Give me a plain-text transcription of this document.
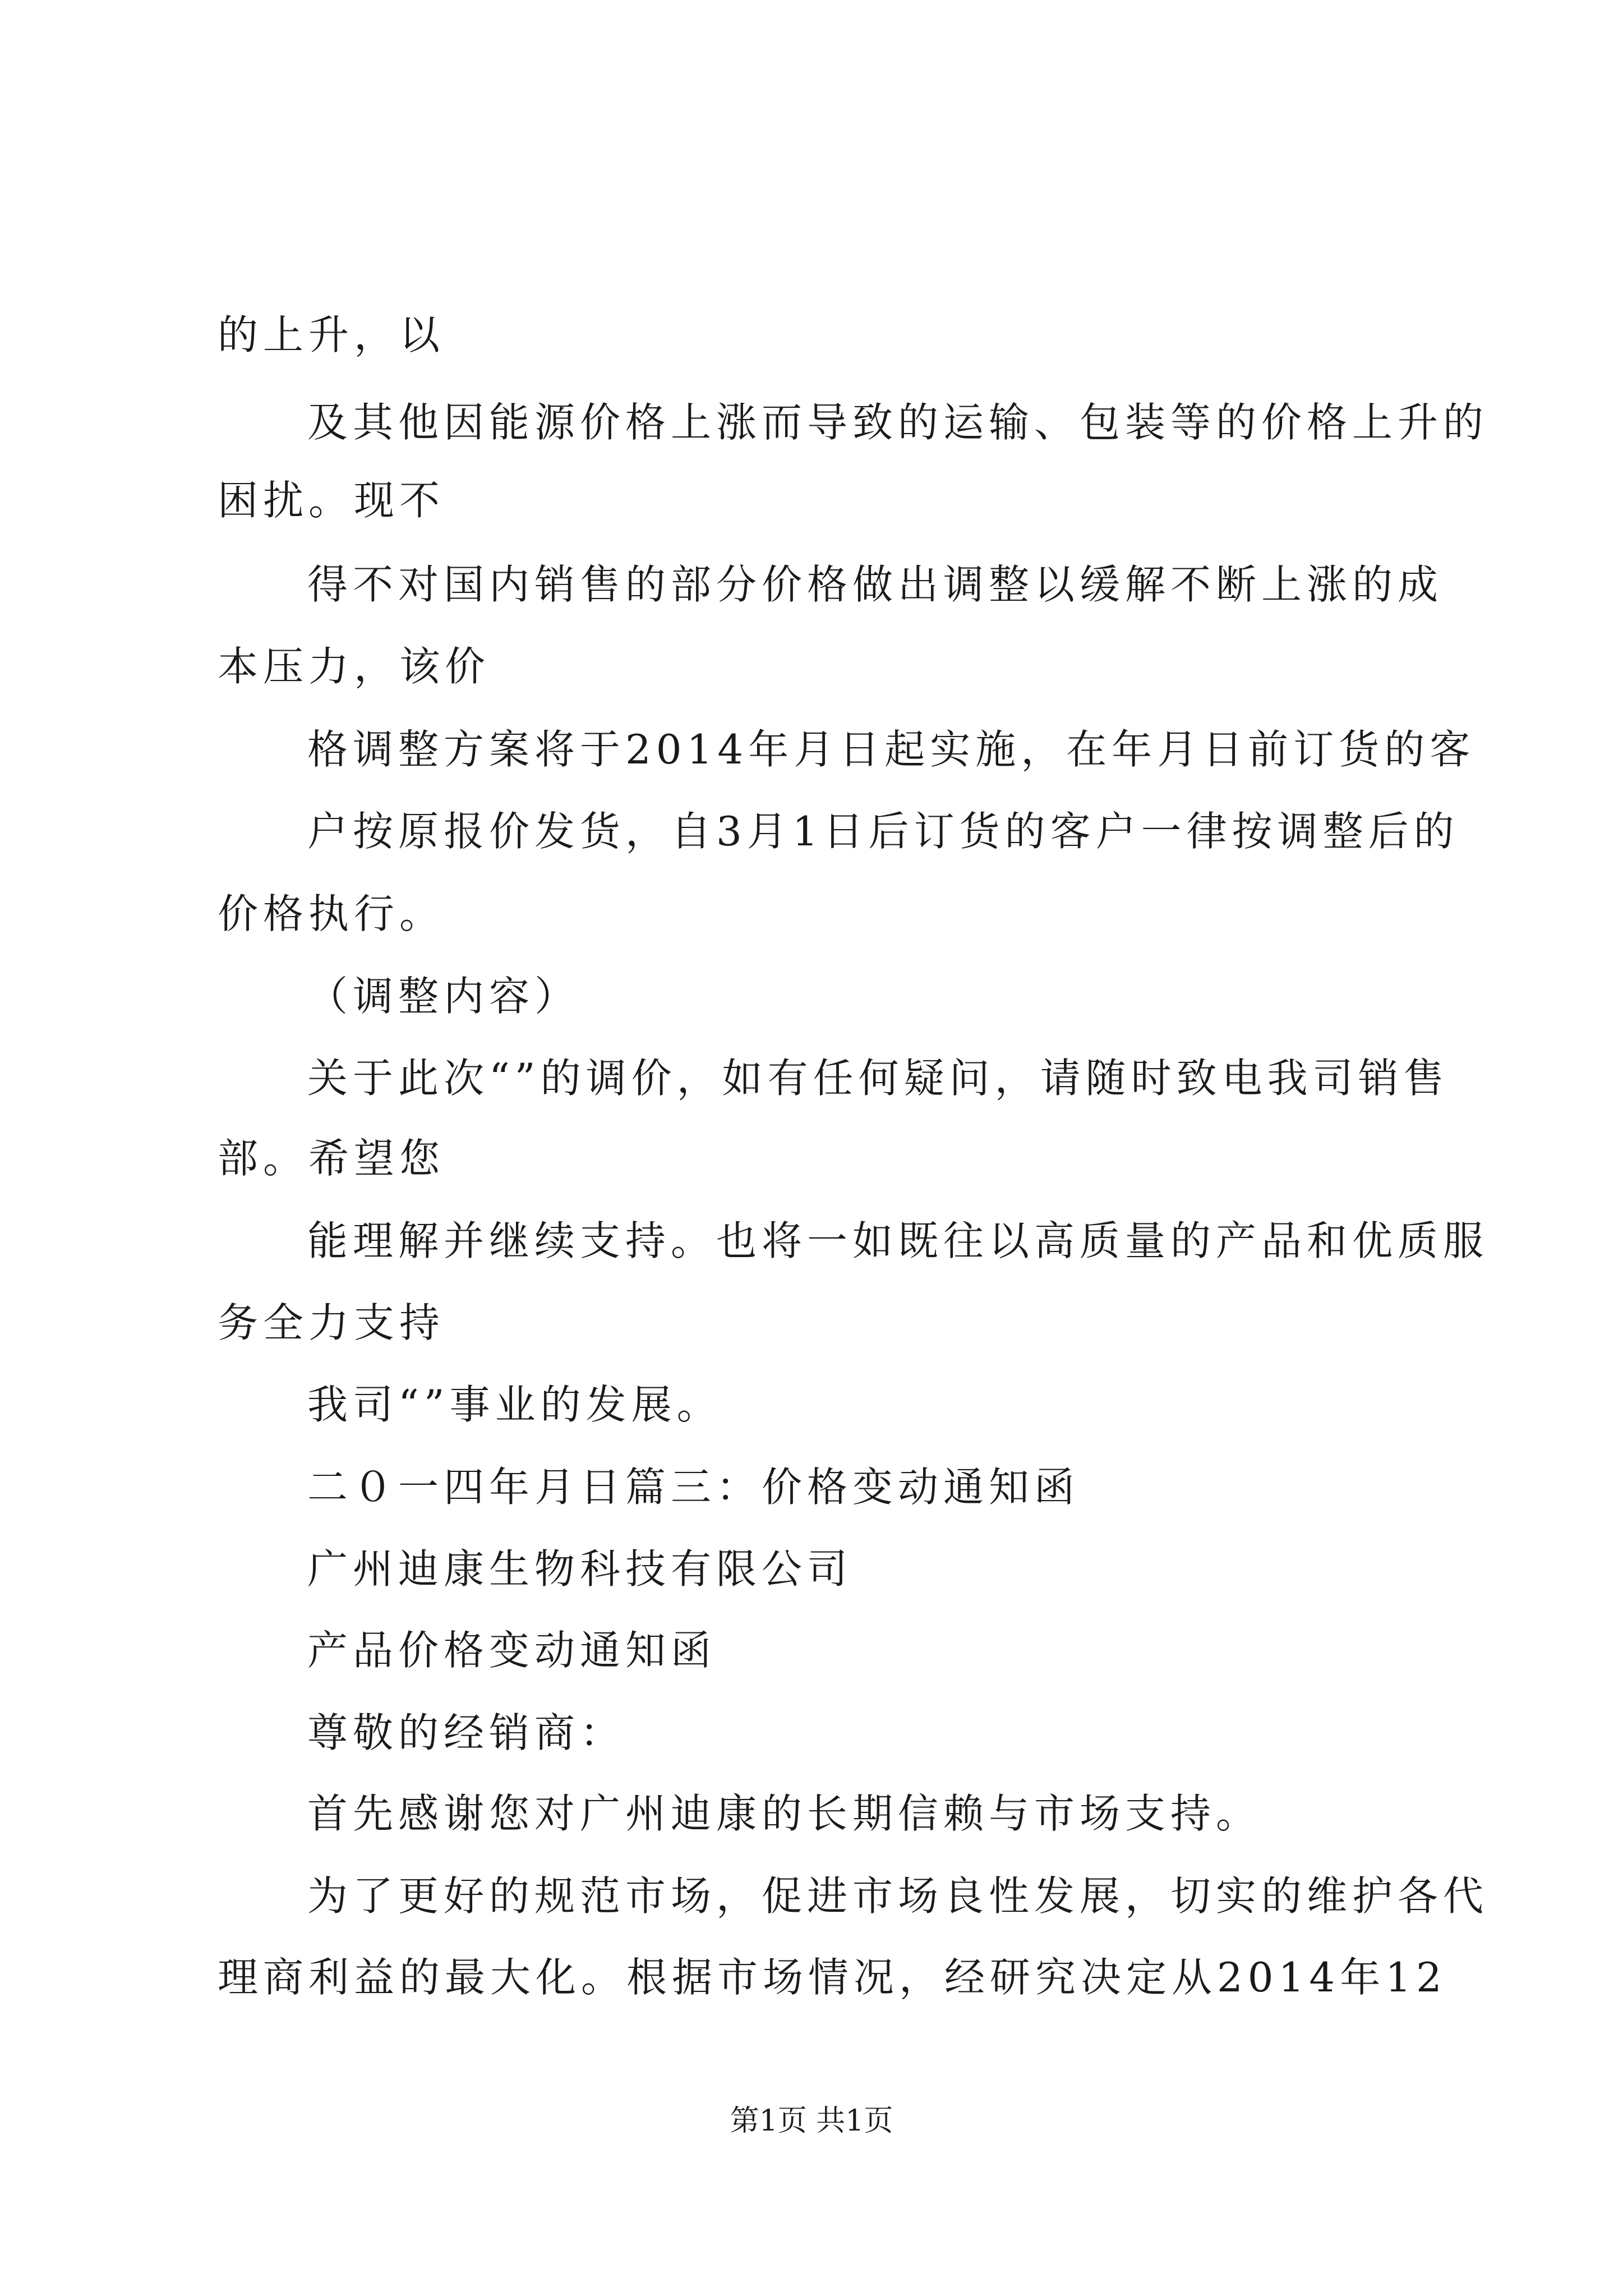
的上升，以
及其他因能源价格上涨而导致的运输、包装等的价格上升的
困扰。现不
得不对国内销售的部分价格做出调整以缓解不断上涨的成
本压力，该价
格调整方案将于2014年月日起实施，在年月日前订货的客
户按原报价发货，自3月1日后订货的客户一律按调整后的
价格执行。
（调整内容）
关于此次“”的调价，如有任何疑问，请随时致电我司销售
部。希望您
能理解并继续支持。也将一如既往以高质量的产品和优质服
务全力支持
我司“”事业的发展。
二０一四年月日篇三：价格变动通知函
广州迪康生物科技有限公司
产品价格变动通知函
尊敬的经销商：
首先感谢您对广州迪康的长期信赖与市场支持。
为了更好的规范市场，促进市场良性发展，切实的维护各代
理商利益的最大化。根据市场情况，经研究决定从2014年12
第1页 共1页
